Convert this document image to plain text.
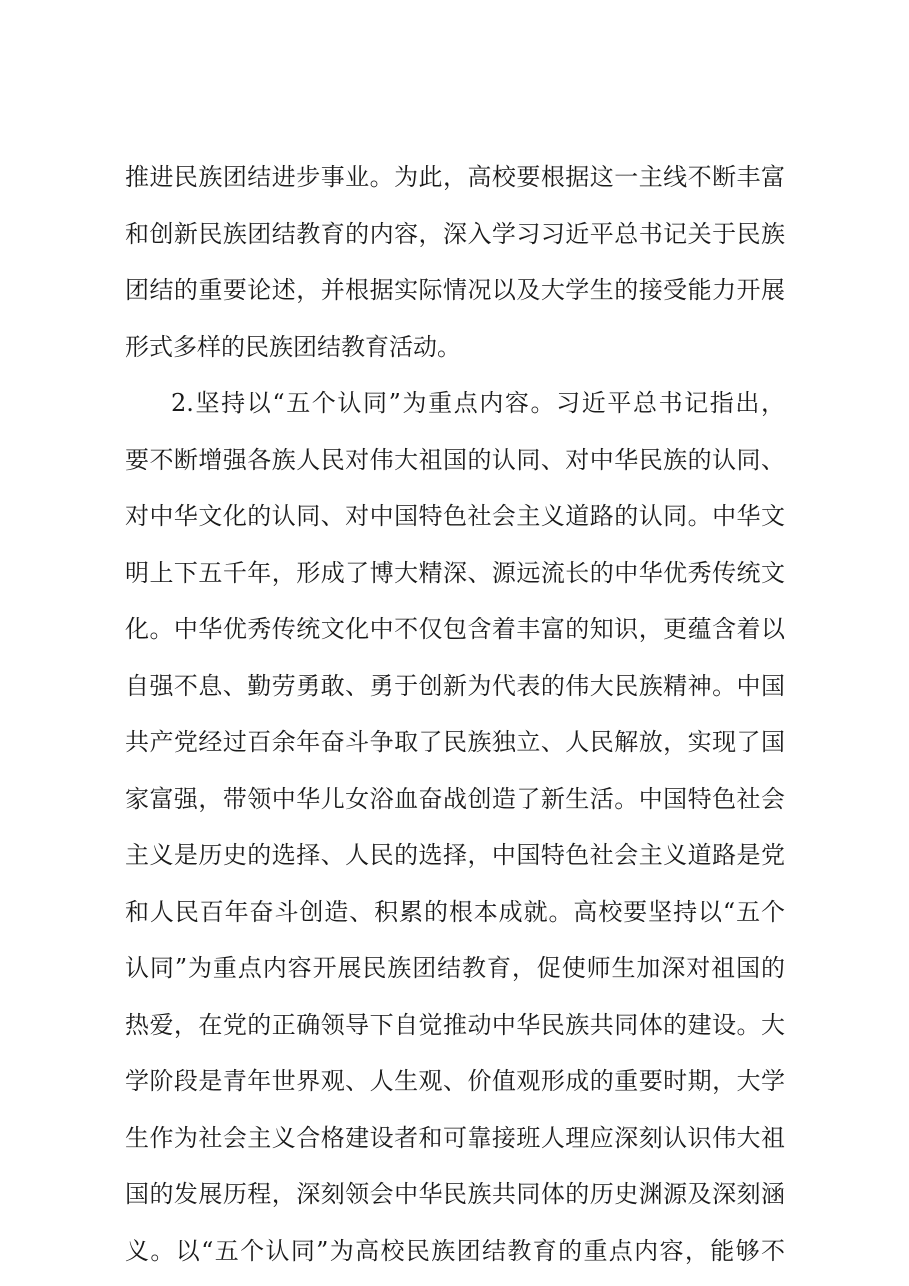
推进民族团结进步事业。为此，高校要根据这一主线不断丰富
和创新民族团结教育的内容，深入学习习近平总书记关于民族
团结的重要论述，并根据实际情况以及大学生的接受能力开展
形式多样的民族团结教育活动。
2.坚持以“五个认同”为重点内容。习近平总书记指出，
要不断增强各族人民对伟大祖国的认同、对中华民族的认同、
对中华文化的认同、对中国特色社会主义道路的认同。中华文
明上下五千年，形成了博大精深、源远流长的中华优秀传统文
化。中华优秀传统文化中不仅包含着丰富的知识，更蕴含着以
自强不息、勤劳勇敢、勇于创新为代表的伟大民族精神。中国
共产党经过百余年奋斗争取了民族独立、人民解放，实现了国
家富强，带领中华儿女浴血奋战创造了新生活。中国特色社会
主义是历史的选择、人民的选择，中国特色社会主义道路是党
和人民百年奋斗创造、积累的根本成就。高校要坚持以“五个
认同”为重点内容开展民族团结教育，促使师生加深对祖国的
热爱，在党的正确领导下自觉推动中华民族共同体的建设。大
学阶段是青年世界观、人生观、价值观形成的重要时期，大学
生作为社会主义合格建设者和可靠接班人理应深刻认识伟大祖
国的发展历程，深刻领会中华民族共同体的历史渊源及深刻涵
义。以“五个认同”为高校民族团结教育的重点内容，能够不
